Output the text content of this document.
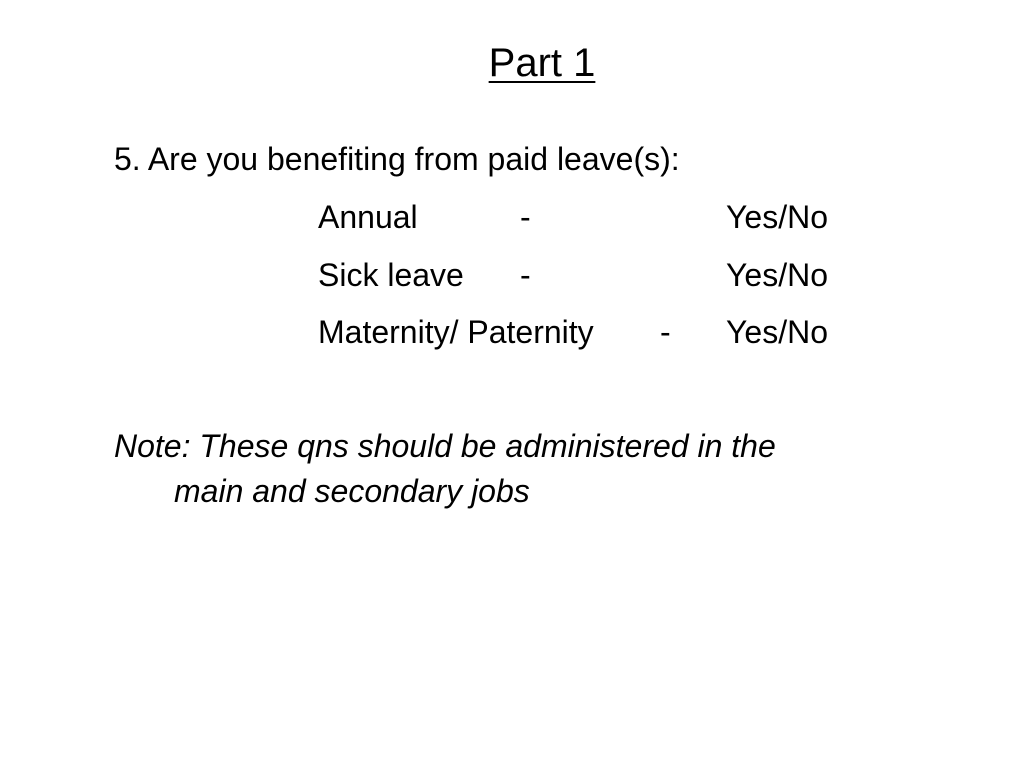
Part 1
5. Are you benefiting from paid leave(s):
Annual	-	Yes/No
Sick leave -	Yes/No
Maternity/ Paternity - Yes/No
Note: These qns should be administered in the
main and secondary jobs
